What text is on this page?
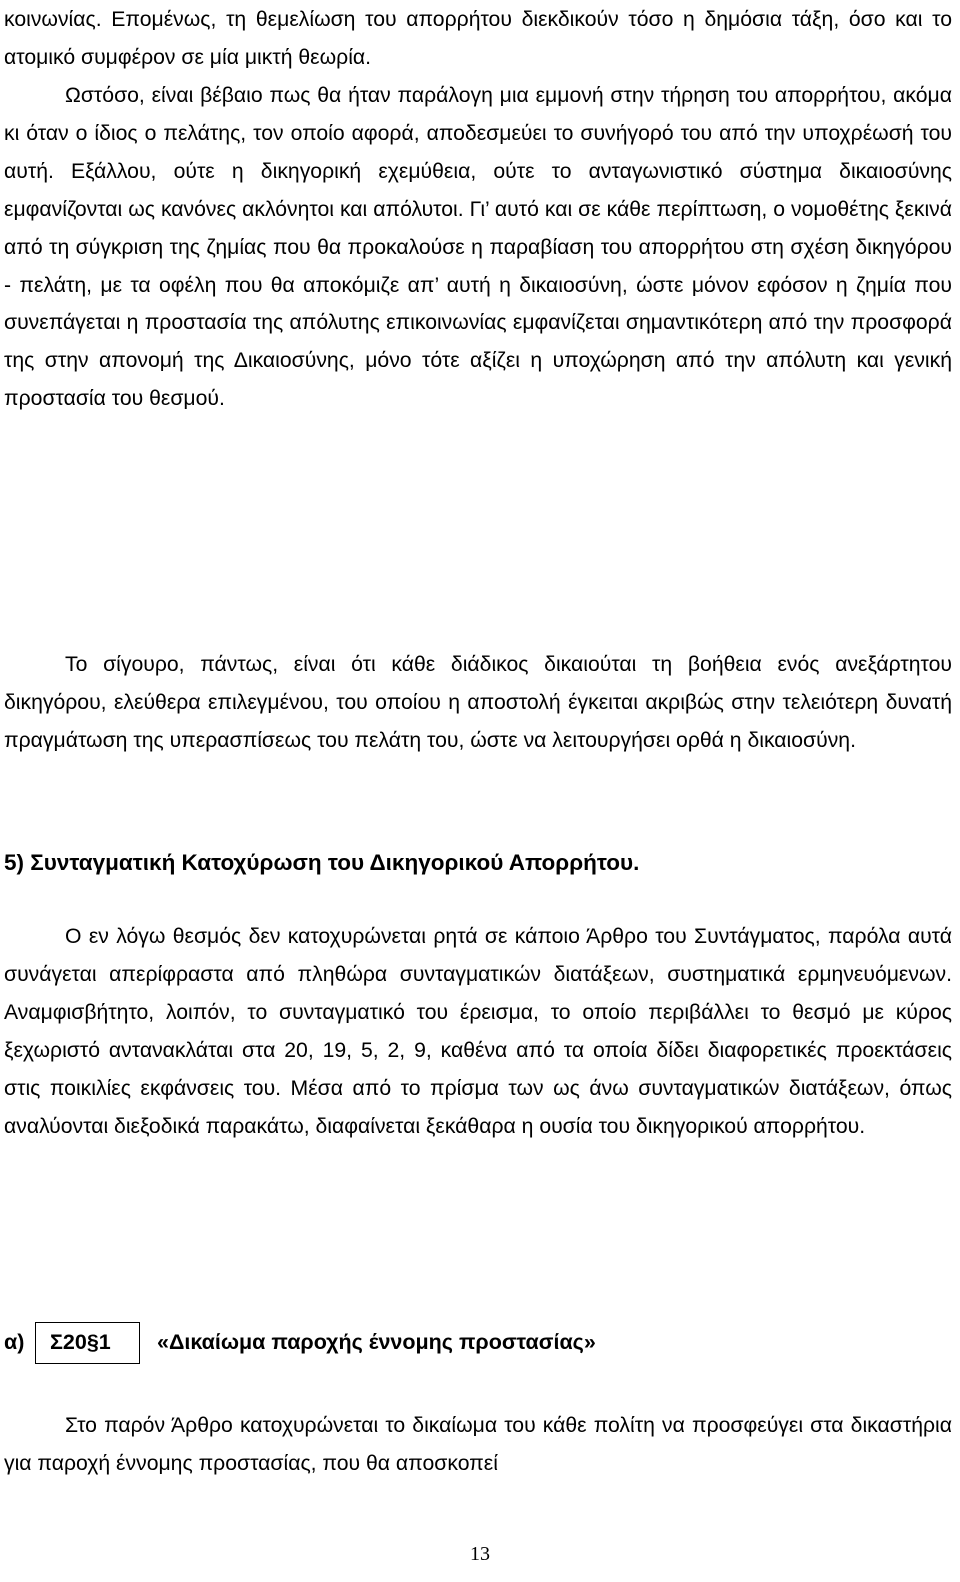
κοινωνίας. Επομένως, τη θεμελίωση του απορρήτου διεκδικούν τόσο η δημόσια τάξη, όσο και το ατομικό συμφέρον σε μία μικτή θεωρία.

Ωστόσο, είναι βέβαιο πως θα ήταν παράλογη μια εμμονή στην τήρηση του απορρήτου, ακόμα κι όταν ο ίδιος ο πελάτης, τον οποίο αφορά, αποδεσμεύει το συνήγορό του από την υποχρέωσή του αυτή. Εξάλλου, ούτε η δικηγορική εχεμύθεια, ούτε το ανταγωνιστικό σύστημα δικαιοσύνης εμφανίζονται ως κανόνες ακλόνητοι και απόλυτοι. Γι’ αυτό και σε κάθε περίπτωση, ο νομοθέτης ξεκινά από τη σύγκριση της ζημίας που θα προκαλούσε η παραβίαση του απορρήτου στη σχέση δικηγόρου - πελάτη, με τα οφέλη που θα αποκόμιζε απ’ αυτή η δικαιοσύνη, ώστε μόνον εφόσον η ζημία που συνεπάγεται η προστασία της απόλυτης επικοινωνίας εμφανίζεται σημαντικότερη από την προσφορά της στην απονομή της Δικαιοσύνης, μόνο τότε αξίζει η υποχώρηση από την απόλυτη και γενική προστασία του θεσμού.

Το σίγουρο, πάντως, είναι ότι κάθε διάδικος δικαιούται τη βοήθεια ενός ανεξάρτητου δικηγόρου, ελεύθερα επιλεγμένου, του οποίου η αποστολή έγκειται ακριβώς στην τελειότερη δυνατή πραγμάτωση της υπερασπίσεως του πελάτη του, ώστε να λειτουργήσει ορθά η δικαιοσύνη.

5) Συνταγματική Κατοχύρωση του Δικηγορικού Απορρήτου.

Ο εν λόγω θεσμός δεν κατοχυρώνεται ρητά σε κάποιο Άρθρο του Συντάγματος, παρόλα αυτά συνάγεται απερίφραστα από πληθώρα συνταγματικών διατάξεων, συστηματικά ερμηνευόμενων. Αναμφισβήτητο, λοιπόν, το συνταγματικό του έρεισμα, το οποίο περιβάλλει το θεσμό με κύρος ξεχωριστό αντανακλάται στα 20, 19, 5, 2, 9, καθένα από τα οποία δίδει διαφορετικές προεκτάσεις στις ποικιλίες εκφάνσεις του. Μέσα από το πρίσμα των ως άνω συνταγματικών διατάξεων, όπως αναλύονται διεξοδικά παρακάτω, διαφαίνεται ξεκάθαρα η ουσία του δικηγορικού απορρήτου.

α) Σ20§1 «Δικαίωμα παροχής έννομης προστασίας»

Στο παρόν Άρθρο κατοχυρώνεται το δικαίωμα του κάθε πολίτη να προσφεύγει στα δικαστήρια για παροχή έννομης προστασίας, που θα αποσκοπεί

13
